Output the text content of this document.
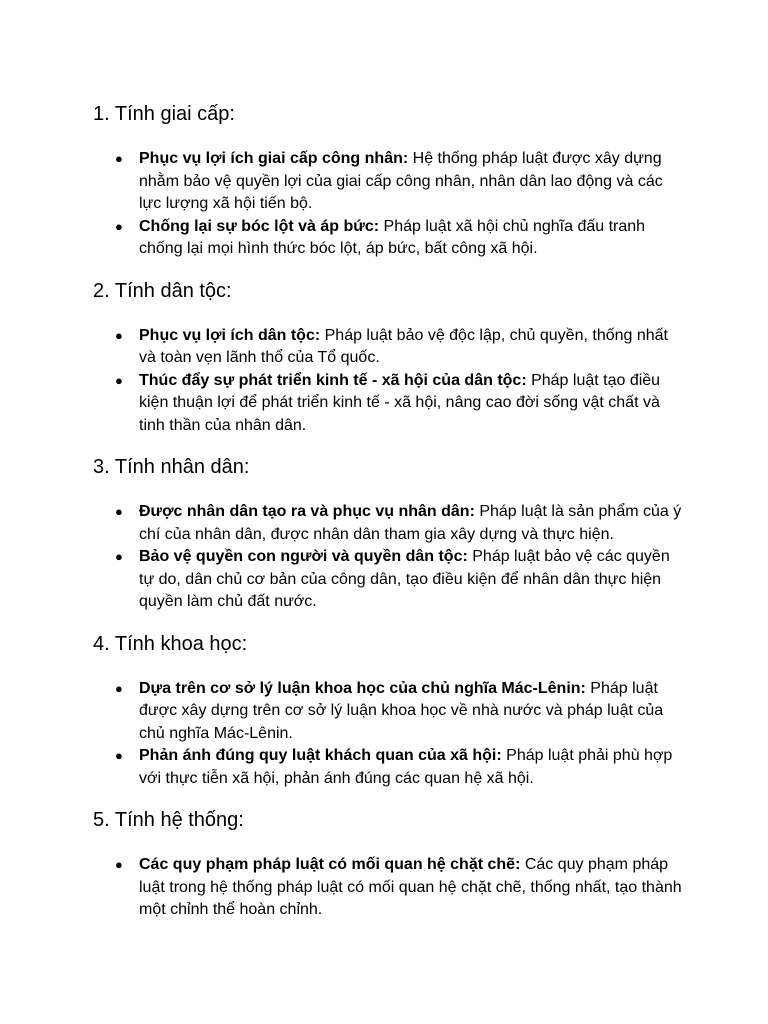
1. Tính giai cấp:
● Phục vụ lợi ích giai cấp công nhân: Hệ thống pháp luật được xây dựng nhằm bảo vệ quyền lợi của giai cấp công nhân, nhân dân lao động và các lực lượng xã hội tiến bộ.
● Chống lại sự bóc lột và áp bức: Pháp luật xã hội chủ nghĩa đấu tranh chống lại mọi hình thức bóc lột, áp bức, bất công xã hội.
2. Tính dân tộc:
● Phục vụ lợi ích dân tộc: Pháp luật bảo vệ độc lập, chủ quyền, thống nhất và toàn vẹn lãnh thổ của Tổ quốc.
● Thúc đẩy sự phát triển kinh tế - xã hội của dân tộc: Pháp luật tạo điều kiện thuận lợi để phát triển kinh tế - xã hội, nâng cao đời sống vật chất và tinh thần của nhân dân.
3. Tính nhân dân:
● Được nhân dân tạo ra và phục vụ nhân dân: Pháp luật là sản phẩm của ý chí của nhân dân, được nhân dân tham gia xây dựng và thực hiện.
● Bảo vệ quyền con người và quyền dân tộc: Pháp luật bảo vệ các quyền tự do, dân chủ cơ bản của công dân, tạo điều kiện để nhân dân thực hiện quyền làm chủ đất nước.
4. Tính khoa học:
● Dựa trên cơ sở lý luận khoa học của chủ nghĩa Mác-Lênin: Pháp luật được xây dựng trên cơ sở lý luận khoa học về nhà nước và pháp luật của chủ nghĩa Mác-Lênin.
● Phản ánh đúng quy luật khách quan của xã hội: Pháp luật phải phù hợp với thực tiễn xã hội, phản ánh đúng các quan hệ xã hội.
5. Tính hệ thống:
● Các quy phạm pháp luật có mối quan hệ chặt chẽ: Các quy phạm pháp luật trong hệ thống pháp luật có mối quan hệ chặt chẽ, thống nhất, tạo thành một chỉnh thể hoàn chỉnh.
